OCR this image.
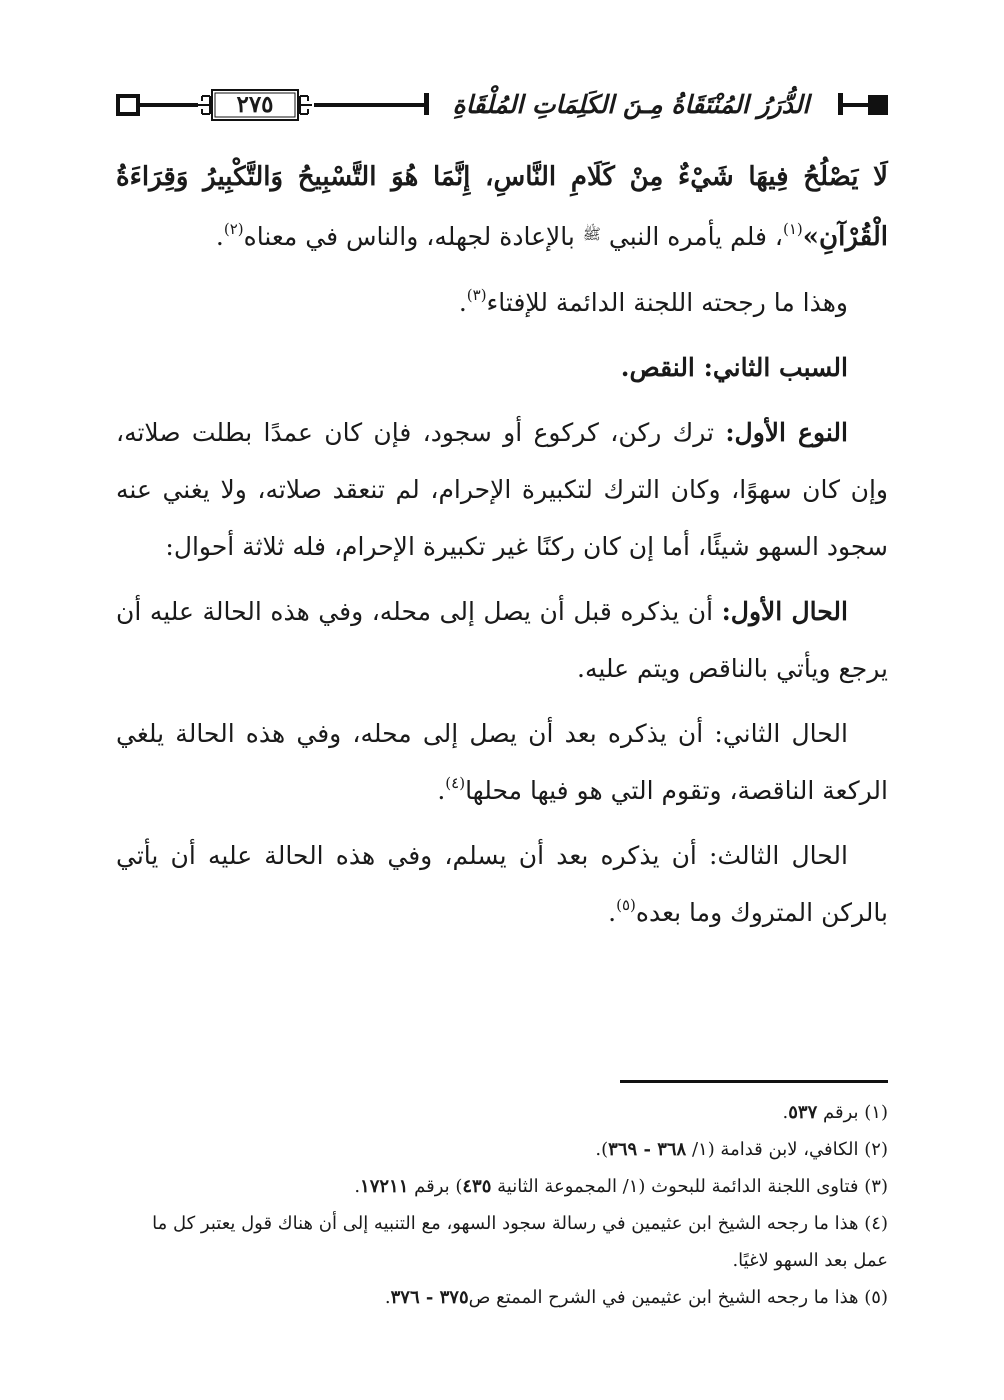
٢٧٥	الدُّرَرُ المُنْتَقَاةُ مِـنَ الكَلِمَاتِ المُلْقَاةِ

لَا يَصْلُحُ فِيهَا شَيْءٌ مِنْ كَلَامِ النَّاسِ، إِنَّمَا هُوَ التَّسْبِيحُ وَالتَّكْبِيرُ وَقِرَاءَةُ الْقُرْآنِ»$^{(١)}$، فلم يأمره النبي $^ﷺ$ بالإعادة لجهله، والناس في معناه$^{(٢)}$.

وهذا ما رجحته اللجنة الدائمة للإفتاء$^{(٣)}$.

السبب الثاني: النقص.

النوع الأول: ترك ركن، كركوع أو سجود، فإن كان عمدًا بطلت صلاته، وإن كان سهوًا، وكان الترك لتكبيرة الإحرام، لم تنعقد صلاته، ولا يغني عنه سجود السهو شيئًا، أما إن كان ركنًا غير تكبيرة الإحرام، فله ثلاثة أحوال:

الحال الأول: أن يذكره قبل أن يصل إلى محله، وفي هذه الحالة عليه أن يرجع ويأتي بالناقص ويتم عليه.

الحال الثاني: أن يذكره بعد أن يصل إلى محله، وفي هذه الحالة يلغي الركعة الناقصة، وتقوم التي هو فيها محلها$^{(٤)}$.

الحال الثالث: أن يذكره بعد أن يسلم، وفي هذه الحالة عليه أن يأتي بالركن المتروك وما بعده$^{(٥)}$.

(١) برقم ٥٣٧.

(٢) الكافي، لابن قدامة (١/ ٣٦٨ - ٣٦٩).

(٣) فتاوى اللجنة الدائمة للبحوث (١/ المجموعة الثانية ٤٣٥) برقم ١٧٢١١.

(٤) هذا ما رجحه الشيخ ابن عثيمين في رسالة سجود السهو، مع التنبيه إلى أن هناك قول يعتبر كل ما عمل بعد السهو لاغيًا.

(٥) هذا ما رجحه الشيخ ابن عثيمين في الشرح الممتع ص٣٧٥ - ٣٧٦.
